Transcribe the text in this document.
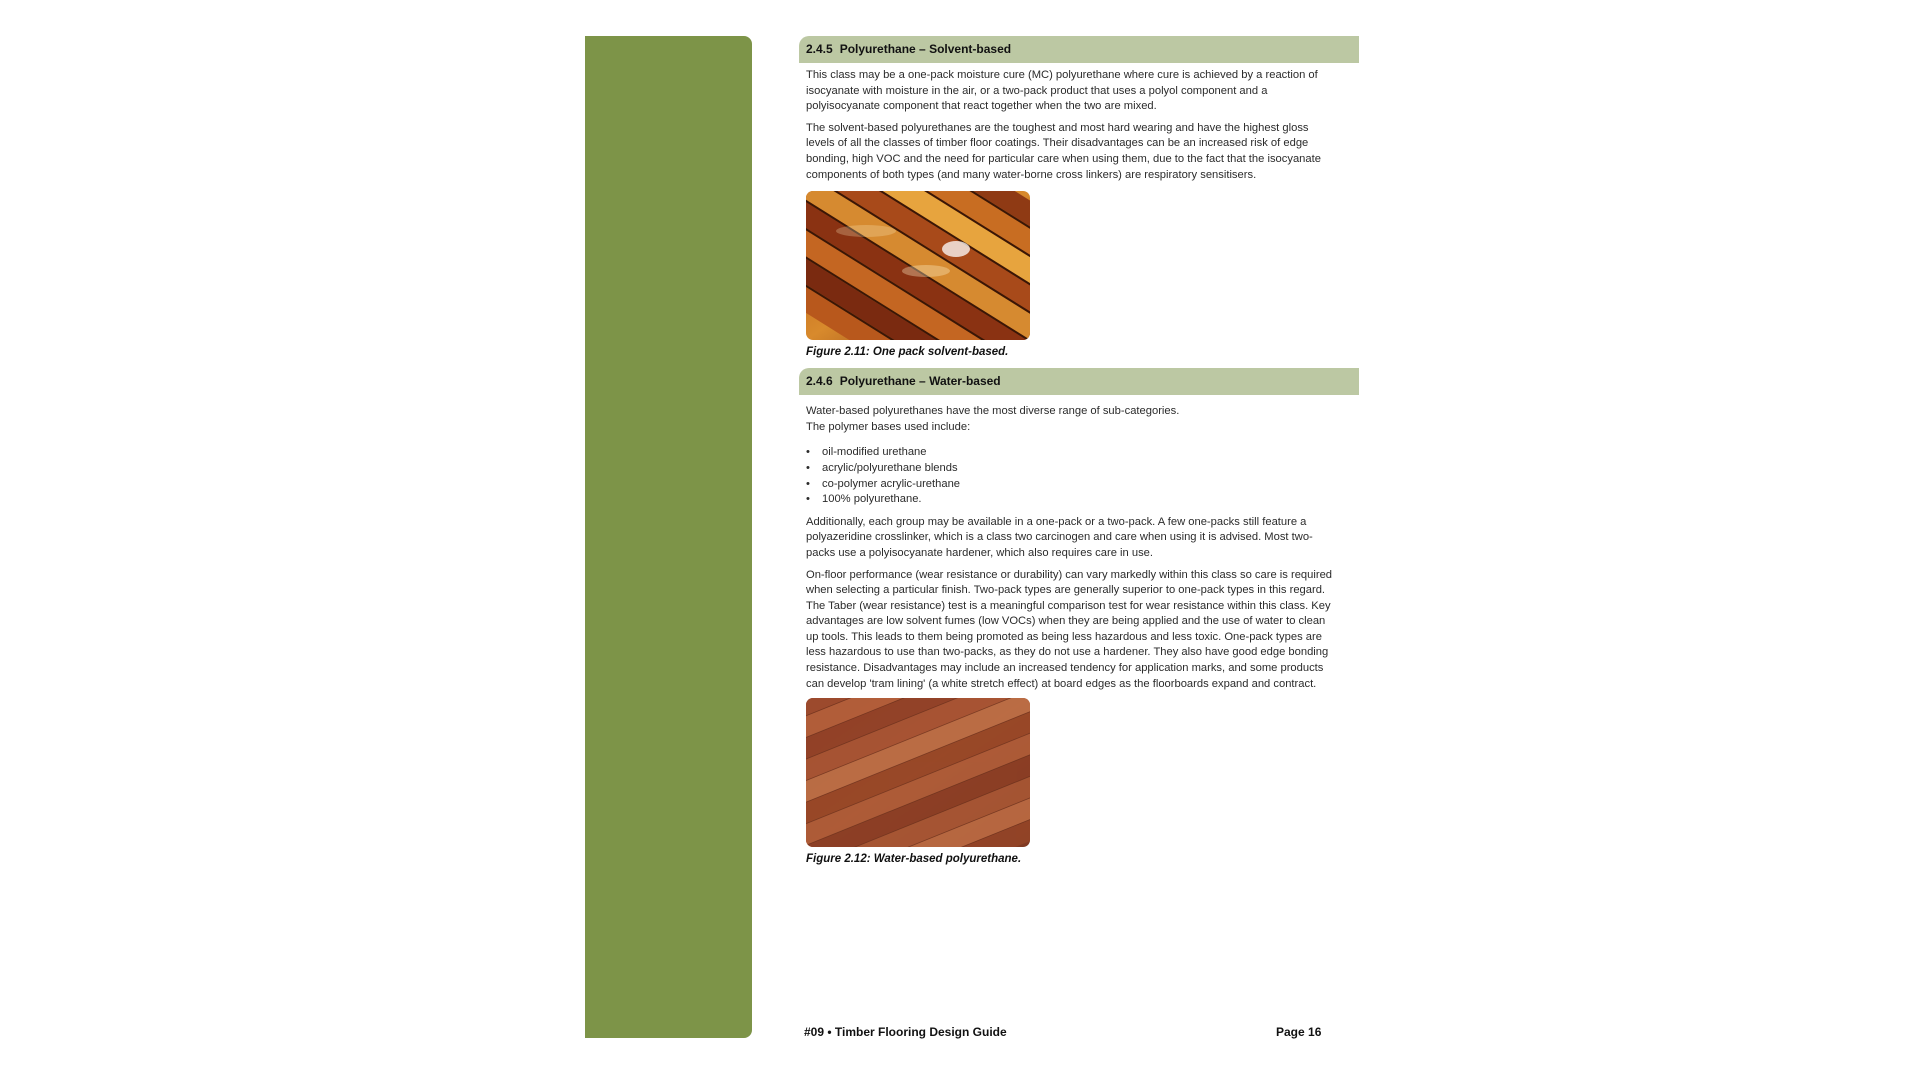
2.4.5 Polyurethane – Solvent-based

This class may be a one-pack moisture cure (MC) polyurethane where cure is achieved by a reaction of isocyanate with moisture in the air, or a two-pack product that uses a polyol component and a polyisocyanate component that react together when the two are mixed.

The solvent-based polyurethanes are the toughest and most hard wearing and have the highest gloss levels of all the classes of timber floor coatings. Their disadvantages can be an increased risk of edge bonding, high VOC and the need for particular care when using them, due to the fact that the isocyanate components of both types (and many water-borne cross linkers) are respiratory sensitisers.

Figure 2.11: One pack solvent-based.
2.4.6 Polyurethane – Water-based

Water-based polyurethanes have the most diverse range of sub-categories. The polymer bases used include:

• oil-modified urethane
• acrylic/polyurethane blends
• co-polymer acrylic-urethane
• 100% polyurethane.

Additionally, each group may be available in a one-pack or a two-pack. A few one-packs still feature a polyazeridine crosslinker, which is a class two carcinogen and care when using it is advised. Most two-packs use a polyisocyanate hardener, which also requires care in use.

On-floor performance (wear resistance or durability) can vary markedly within this class so care is required when selecting a particular finish. Two-pack types are generally superior to one-pack types in this regard. The Taber (wear resistance) test is a meaningful comparison test for wear resistance within this class. Key advantages are low solvent fumes (low VOCs) when they are being applied and the use of water to clean up tools. This leads to them being promoted as being less hazardous and less toxic. One-pack types are less hazardous to use than two-packs, as they do not use a hardener. They also have good edge bonding resistance. Disadvantages may include an increased tendency for application marks, and some products can develop 'tram lining' (a white stretch effect) at board edges as the floorboards expand and contract.

Figure 2.12: Water-based polyurethane.
#09 • Timber Flooring Design Guide	Page 16
